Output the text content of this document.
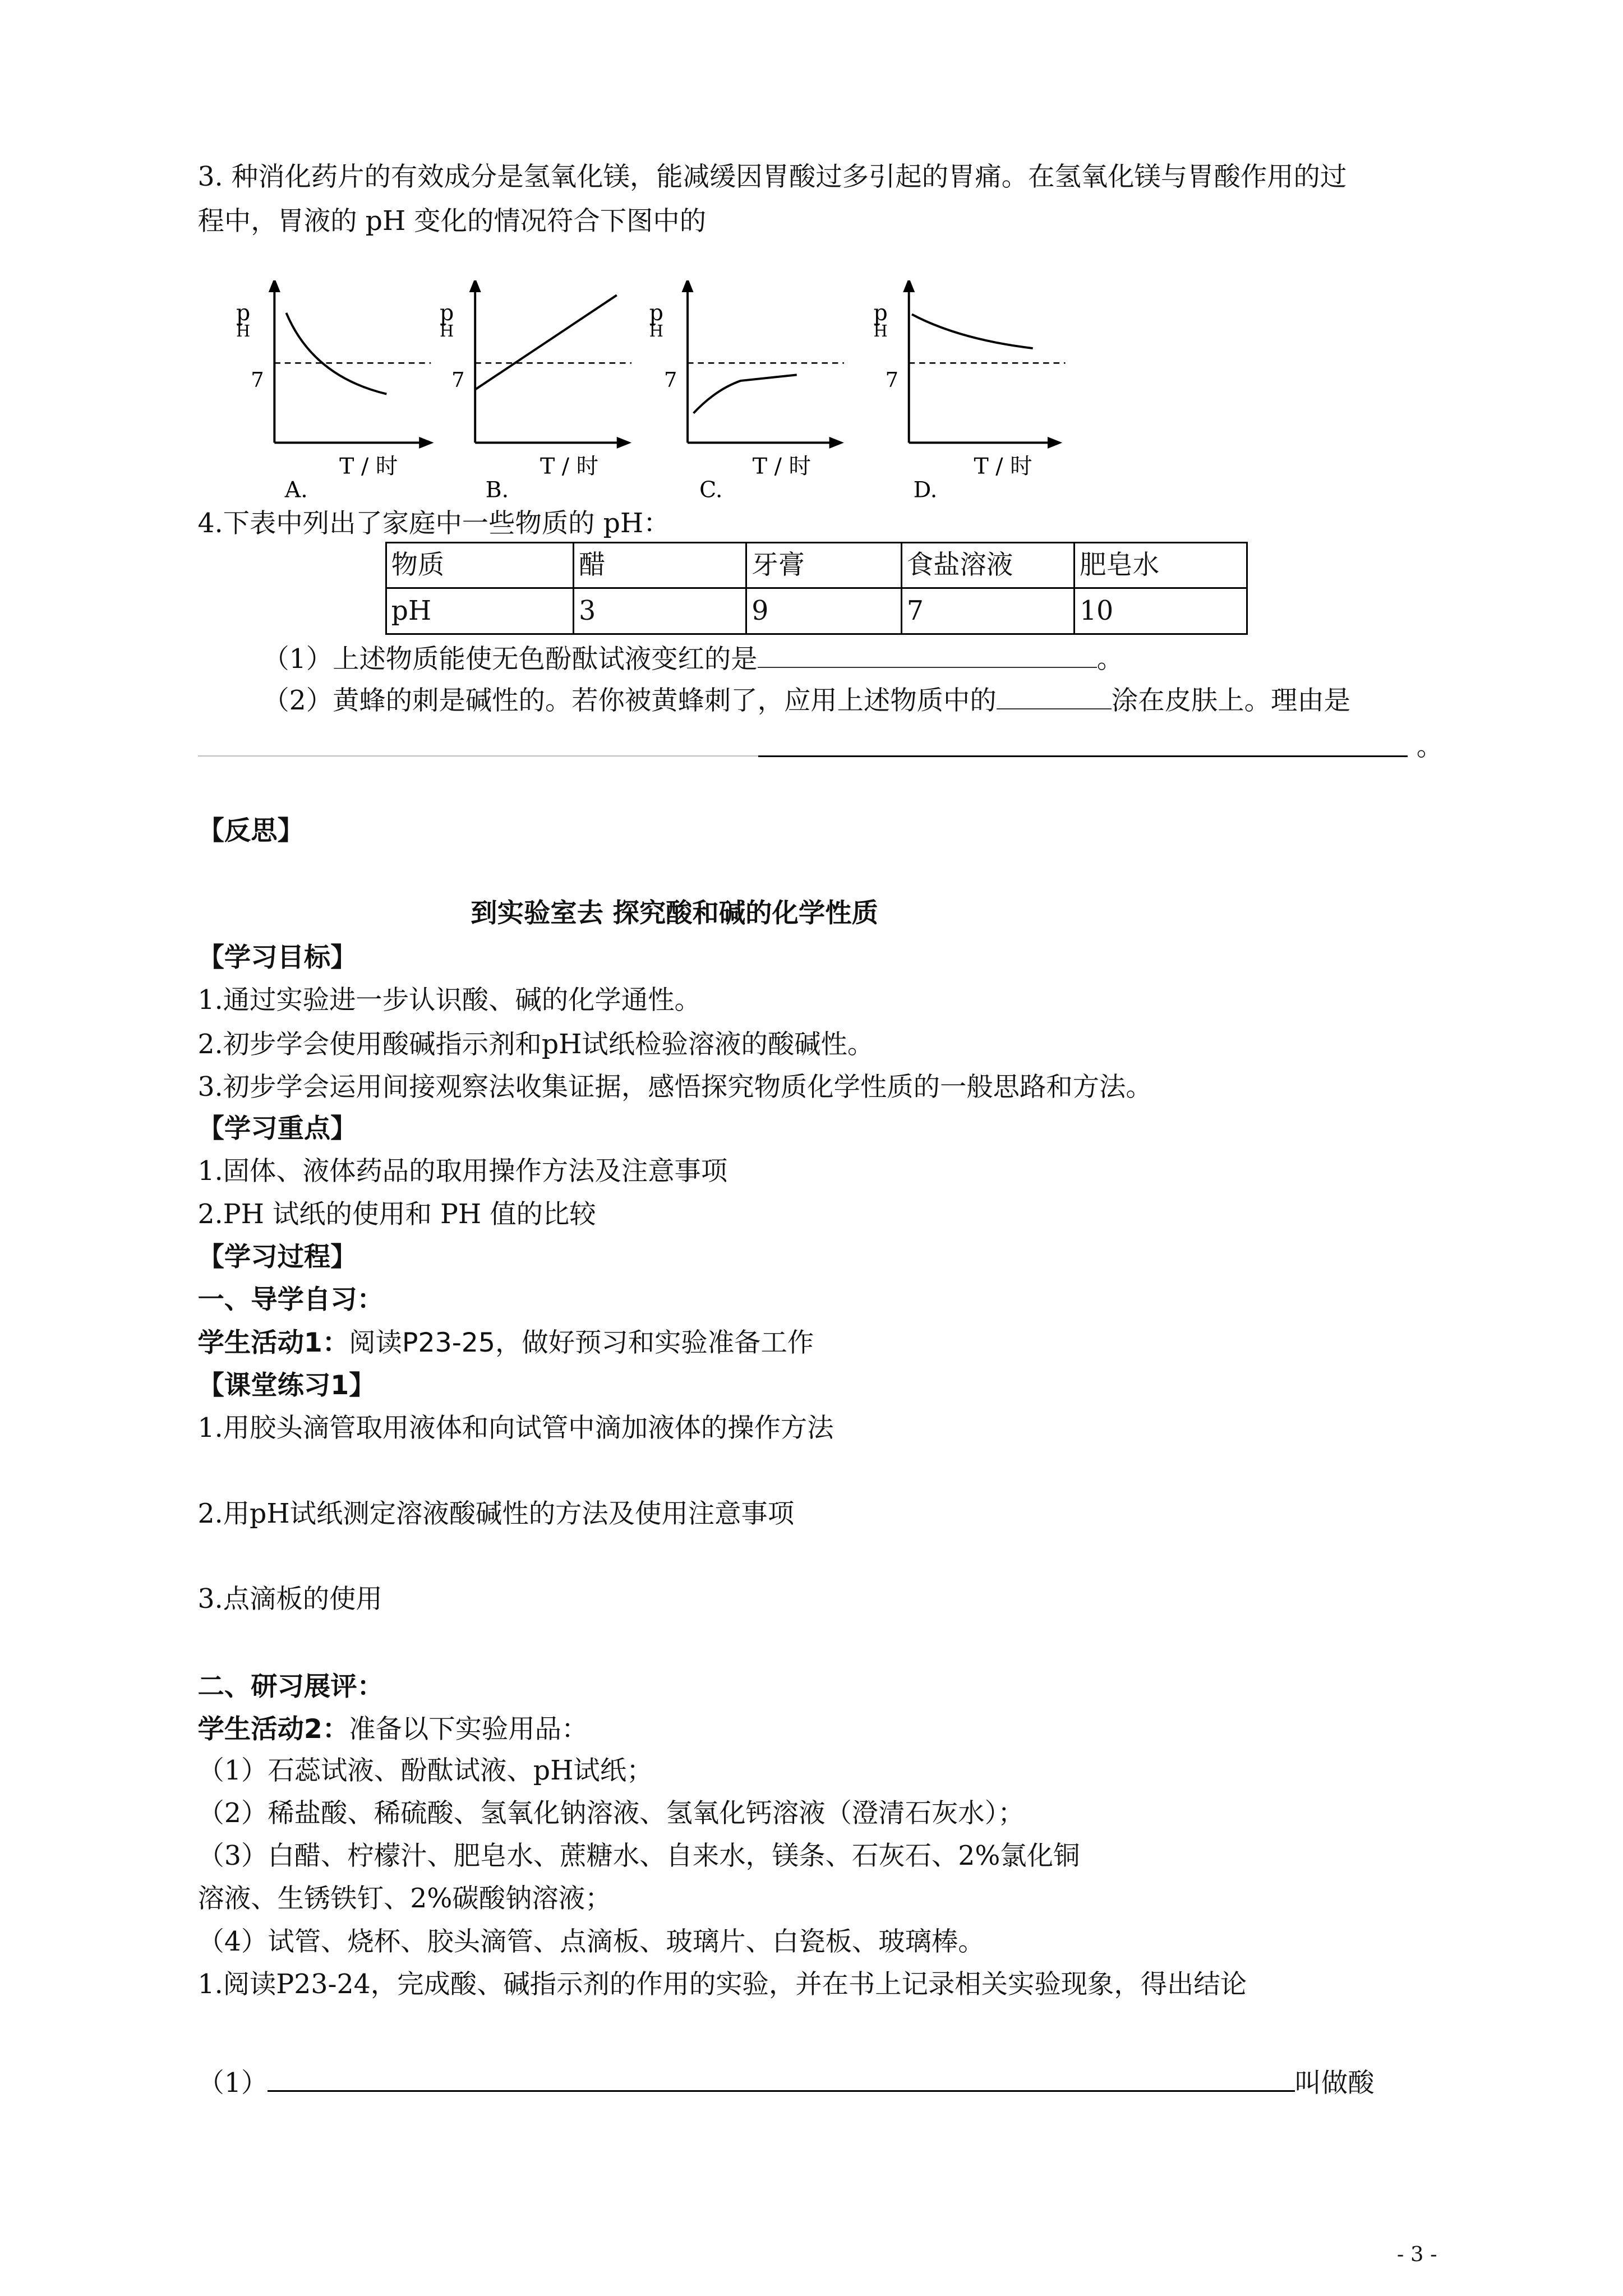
3. 种消化药片的有效成分是氢氧化镁，能减缓因胃酸过多引起的胃痛。在氢氧化镁与胃酸作用的过
程中，胃液的 pH 变化的情况符合下图中的
p
H
7
T / 时
A.
p
H
7
T / 时
B.
p
H
7
T / 时
C.
p
H
7
T / 时
D.
4.下表中列出了家庭中一些物质的 pH：
物质	醋	牙膏	食盐溶液	肥皂水
pH	3	9	7	10
（1）上述物质能使无色酚酞试液变红的是	。
（2）黄蜂的刺是碱性的。若你被黄蜂刺了，应用上述物质中的	涂在皮肤上。理由是
。
【反思】
到实验室去 探究酸和碱的化学性质
【学习目标】
1.通过实验进一步认识酸、碱的化学通性。
2.初步学会使用酸碱指示剂和pH试纸检验溶液的酸碱性。
3.初步学会运用间接观察法收集证据，感悟探究物质化学性质的一般思路和方法。
【学习重点】
1.固体、液体药品的取用操作方法及注意事项
2.PH 试纸的使用和 PH 值的比较
【学习过程】
一、导学自习：
学生活动1：阅读P23-25，做好预习和实验准备工作
【课堂练习1】
1.用胶头滴管取用液体和向试管中滴加液体的操作方法
2.用pH试纸测定溶液酸碱性的方法及使用注意事项
3.点滴板的使用
二、研习展评：
学生活动2：准备以下实验用品：
（1）石蕊试液、酚酞试液、pH试纸；
（2）稀盐酸、稀硫酸、氢氧化钠溶液、氢氧化钙溶液（澄清石灰水）；
（3）白醋、柠檬汁、肥皂水、蔗糖水、自来水，镁条、石灰石、2%氯化铜
溶液、生锈铁钉、2%碳酸钠溶液；
（4）试管、烧杯、胶头滴管、点滴板、玻璃片、白瓷板、玻璃棒。
1.阅读P23-24，完成酸、碱指示剂的作用的实验，并在书上记录相关实验现象，得出结论
（1）	叫做酸
- 3 -
